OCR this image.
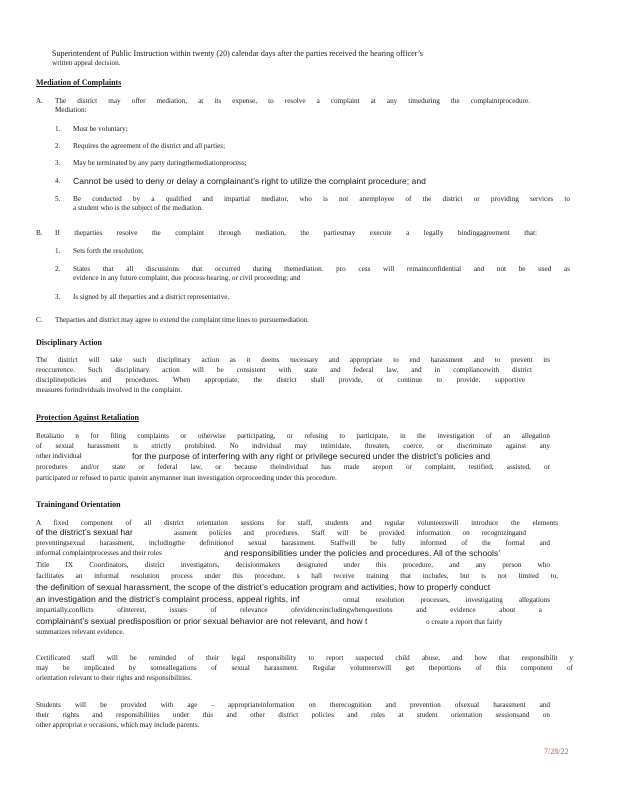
Superintendent of Public Instruction within twenty (20) calendar days after the parties received the hearing officer’s
written appeal decision.
Mediation of Complaints
A. The district may offer mediation, at its expense, to resolve a complaint at any timeduring the complaintprocedure.
Mediation:
1. Must be voluntary;
2. Requires the agreement of the district and all parties;
3. May be terminated by any party duringthemediationprocess;
4. Cannot be used to deny or delay a complainant’s right to utilize the complaint procedure; and
5. Be conducted by a qualified and impartial mediator, who is not anemployee of the district or providing services to
a student who is the subject of the mediation.
B. If theparties resolve the complaint through mediation, the partiesmay execute a legally bindingagreement that:
1. Sets forth the resolution;
2. States that all discussions that occurred during themediation. pro cess will remainconfidential and not be used as
evidence in any future complaint, due process hearing, or civil proceeding; and
3. Is signed by all theparties and a district representative.
C. Theparties and district may agree to extend the complaint time lines to pursuemediation.
Disciplinary Action
The district will take such disciplinary action as it deems necessary and appropriate to end harassment and to prevent its
reoccurrence. Such disciplinary action will be consistent with state and federal law, and in compliancewith district
disciplinepolicies and procedures. When appropriate, the district shall provide, or continue to provide, supportive
measures forindividuals involved in the complaint.
Protection Against Retaliation
Retaliatio n for filing complaints or otherwise participating, or refusing to participate, in the investigation of an allegation
of sexual harassment is strictly prohibited. No individual may intimidate, threaten, coerce, or discriminate against any
other individual	for the purpose of interfering with any right or privilege secured under the district’s policies and
procedures and/or state or federal law, or because theindividual has made areport or complaint, testified, assisted, or
participated or refused to partic ipatein anymanner inan investigation orproceeding under this procedure.
Trainingand Orientation
A fixed component of all district orientation sessions for staff, students and regular volunteerswill introduce the elements
of the district’s sexual har	assment policies and procedures. Staff will be provided information on recognizingand
preventingsexual harassment, includingthe definitionof sexual harassment. Staffwill be fully informed of the formal and
informal complaintprocesses and their roles	and responsibilities under the policies and procedures. All of the schools’
Title IX Coordinators, district investigators, decisionmakers designated under this procedure, and any person who
facilitates an informal resolution process under this procedure, s hall receive training that includes, but is not limited to,
the definition of sexual harassment, the scope of the district’s education program and activities, how to properly conduct
an investigation and the district’s complaint process, appeal rights, inf	ormal resolution processes, investigating allegations
impartially,conflicts ofinterest, issues of relevance ofevidenceincludingwhenquestions and evidence about a
complainant’s sexual predisposition or prior sexual behavior are not relevant, and how t	o create a report that fairly
summarizes relevant evidence.
Certificated staff will be reminded of their legal responsibility to report suspected child abuse, and how that responsibilit y
may be implicated by someallegations of sexual harassment. Regular volunteerswill get theportions of this component of
orientation relevant to their rights and responsibilities.
Students will be provided with age - appropriateinformation on therecognition and prevention ofsexual harassment and
their rights and responsibilities under this and other district policies and rules at student orientation sessionsand on
other appropriat e occasions, which may include parents.
7/28/22
